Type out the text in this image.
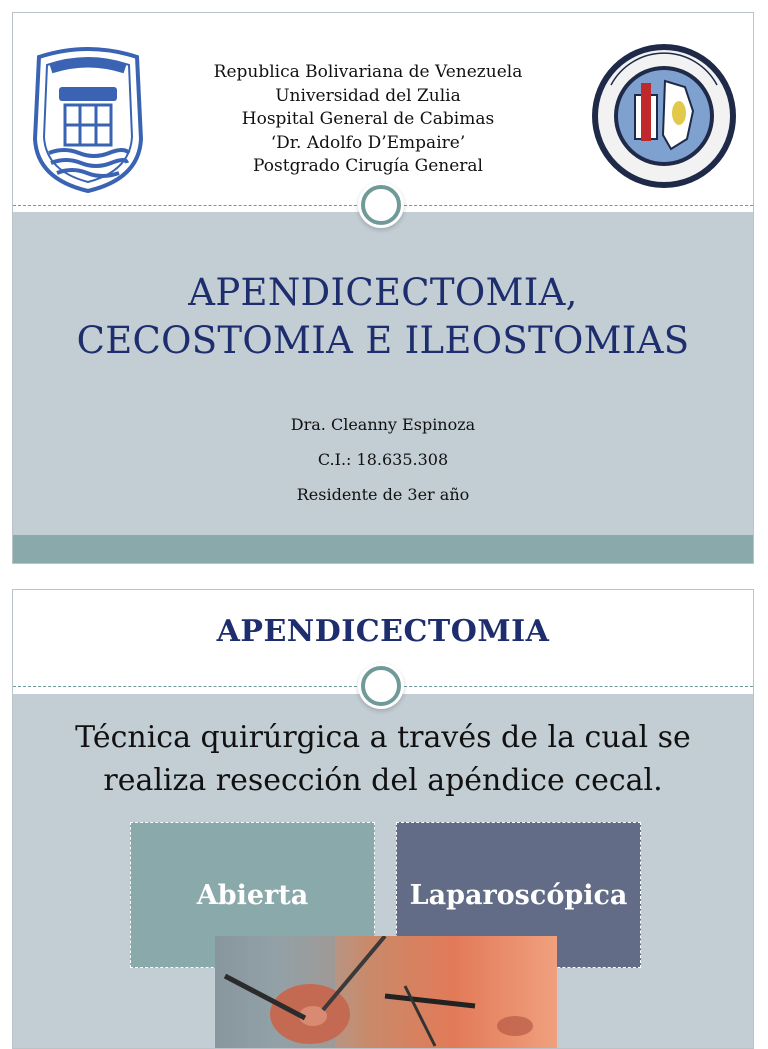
Republica Bolivariana de Venezuela
Universidad del Zulia
Hospital General de Cabimas
‘Dr. Adolfo D’Empaire’
Postgrado Cirugía General
APENDICECTOMIA,
CECOSTOMIA E ILEOSTOMIAS
Dra. Cleanny Espinoza
C.I.: 18.635.308
Residente de 3er año
APENDICECTOMIA
Técnica quirúrgica a través de la cual se
realiza resección del apéndice cecal.
Abierta	Laparoscópica
